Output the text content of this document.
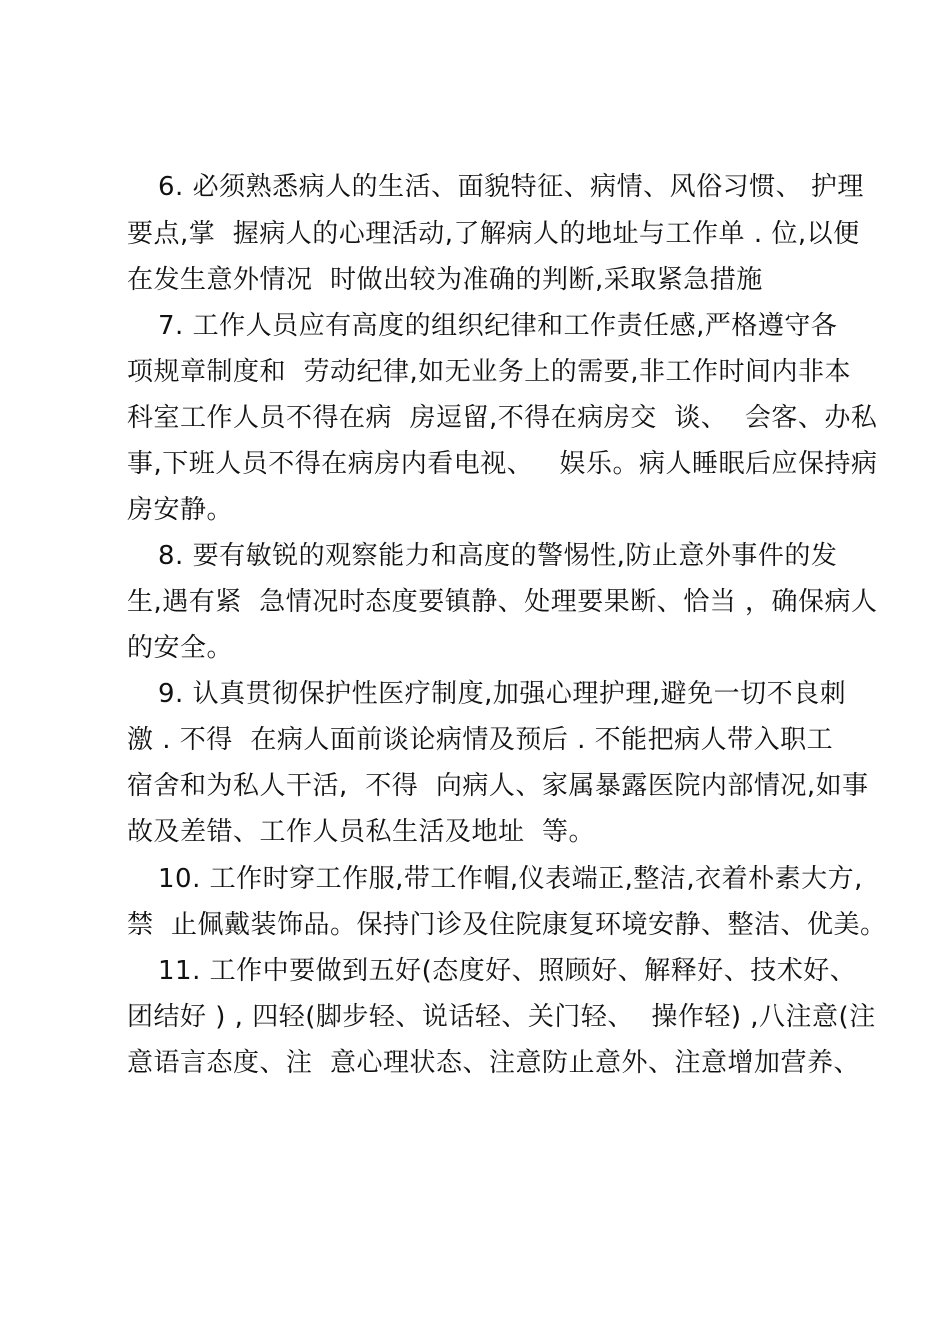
6. 必须熟悉病人的生活、面貌特征、病情、风俗习惯、 护理
要点,掌  握病人的心理活动,了解病人的地址与工作单 . 位,以便
在发生意外情况  时做出较为准确的判断,采取紧急措施
7. 工作人员应有高度的组织纪律和工作责任感,严格遵守各
项规章制度和  劳动纪律,如无业务上的需要,非工作时间内非本
科室工作人员不得在病  房逗留,不得在病房交  谈、  会客、办私
事,下班人员不得在病房内看电视、   娱乐。病人睡眠后应保持病
房安静。
8. 要有敏锐的观察能力和高度的警惕性,防止意外事件的发
生,遇有紧  急情况时态度要镇静、处理要果断、恰当 ，确保病人
的安全。
9. 认真贯彻保护性医疗制度,加强心理护理,避免一切不良刺
激 . 不得  在病人面前谈论病情及预后 . 不能把病人带入职工
宿舍和为私人干活,  不得  向病人、家属暴露医院内部情况,如事
故及差错、工作人员私生活及地址  等。
10. 工作时穿工作服,带工作帽,仪表端正,整洁,衣着朴素大方,
禁  止佩戴装饰品。保持门诊及住院康复环境安静、整洁、优美。
11. 工作中要做到五好(态度好、照顾好、解释好、技术好、
团结好 ) , 四轻(脚步轻、说话轻、关门轻、  操作轻) ,八注意(注
意语言态度、注  意心理状态、注意防止意外、注意增加营养、
